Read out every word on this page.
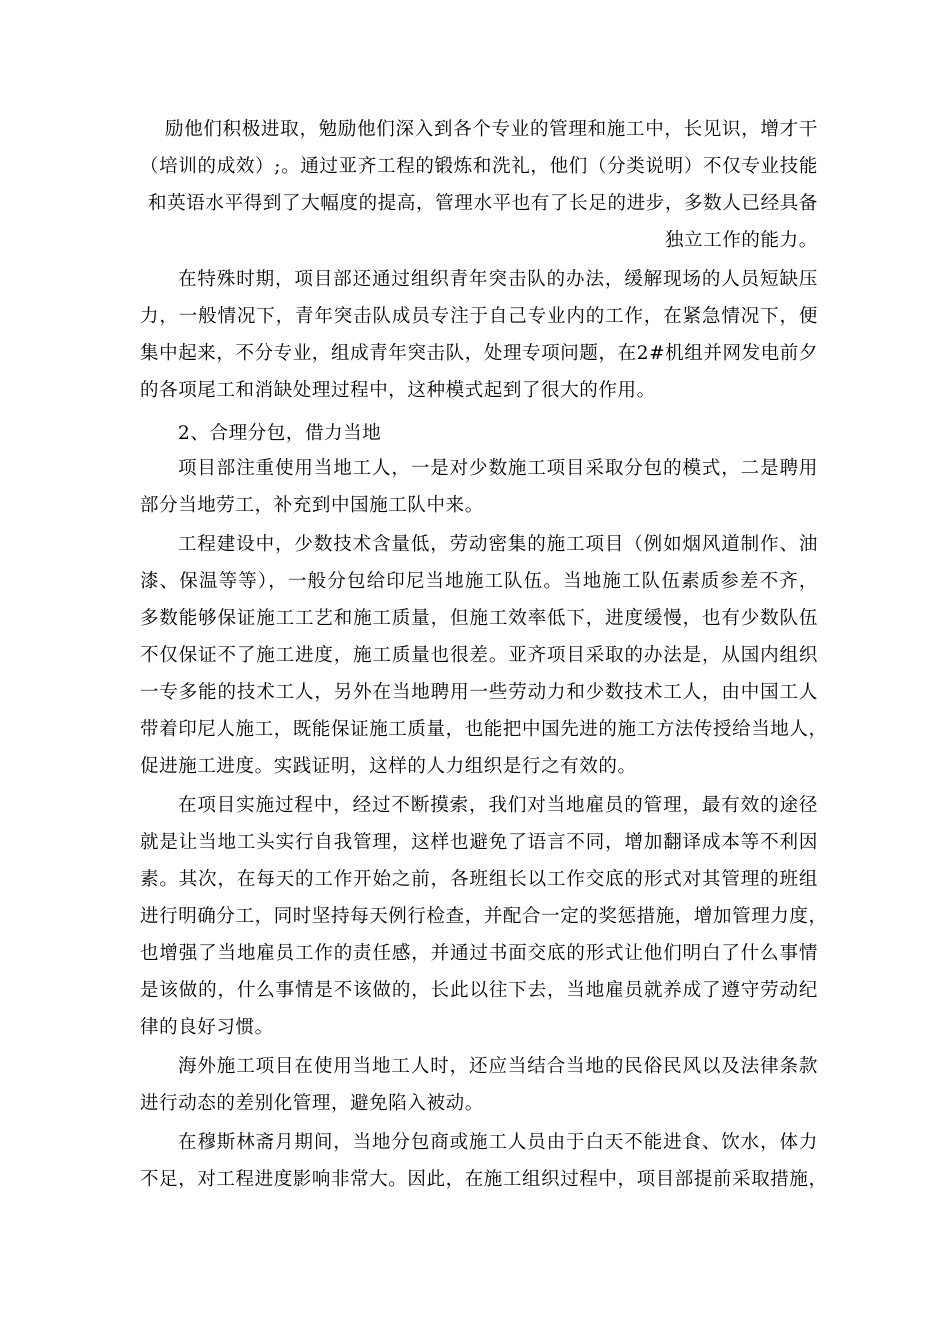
励他们积极进取，勉励他们深入到各个专业的管理和施工中，长见识，增才干
（培训的成效）;。通过亚齐工程的锻炼和洗礼，他们（分类说明）不仅专业技能
和英语水平得到了大幅度的提高，管理水平也有了长足的进步，多数人已经具备
独立工作的能力。
在特殊时期，项目部还通过组织青年突击队的办法，缓解现场的人员短缺压
力，一般情况下，青年突击队成员专注于自己专业内的工作，在紧急情况下，便
集中起来，不分专业，组成青年突击队，处理专项问题，在2#机组并网发电前夕
的各项尾工和消缺处理过程中，这种模式起到了很大的作用。
2、合理分包，借力当地
项目部注重使用当地工人，一是对少数施工项目采取分包的模式，二是聘用
部分当地劳工，补充到中国施工队中来。
工程建设中，少数技术含量低，劳动密集的施工项目（例如烟风道制作、油
漆、保温等等），一般分包给印尼当地施工队伍。当地施工队伍素质参差不齐，
多数能够保证施工工艺和施工质量，但施工效率低下，进度缓慢，也有少数队伍
不仅保证不了施工进度，施工质量也很差。亚齐项目采取的办法是，从国内组织
一专多能的技术工人，另外在当地聘用一些劳动力和少数技术工人，由中国工人
带着印尼人施工，既能保证施工质量，也能把中国先进的施工方法传授给当地人，
促进施工进度。实践证明，这样的人力组织是行之有效的。
在项目实施过程中，经过不断摸索，我们对当地雇员的管理，最有效的途径
就是让当地工头实行自我管理，这样也避免了语言不同，增加翻译成本等不利因
素。其次，在每天的工作开始之前，各班组长以工作交底的形式对其管理的班组
进行明确分工，同时坚持每天例行检查，并配合一定的奖惩措施，增加管理力度，
也增强了当地雇员工作的责任感，并通过书面交底的形式让他们明白了什么事情
是该做的，什么事情是不该做的，长此以往下去，当地雇员就养成了遵守劳动纪
律的良好习惯。
海外施工项目在使用当地工人时，还应当结合当地的民俗民风以及法律条款
进行动态的差别化管理，避免陷入被动。
在穆斯林斋月期间，当地分包商或施工人员由于白天不能进食、饮水，体力
不足，对工程进度影响非常大。因此，在施工组织过程中，项目部提前采取措施，
